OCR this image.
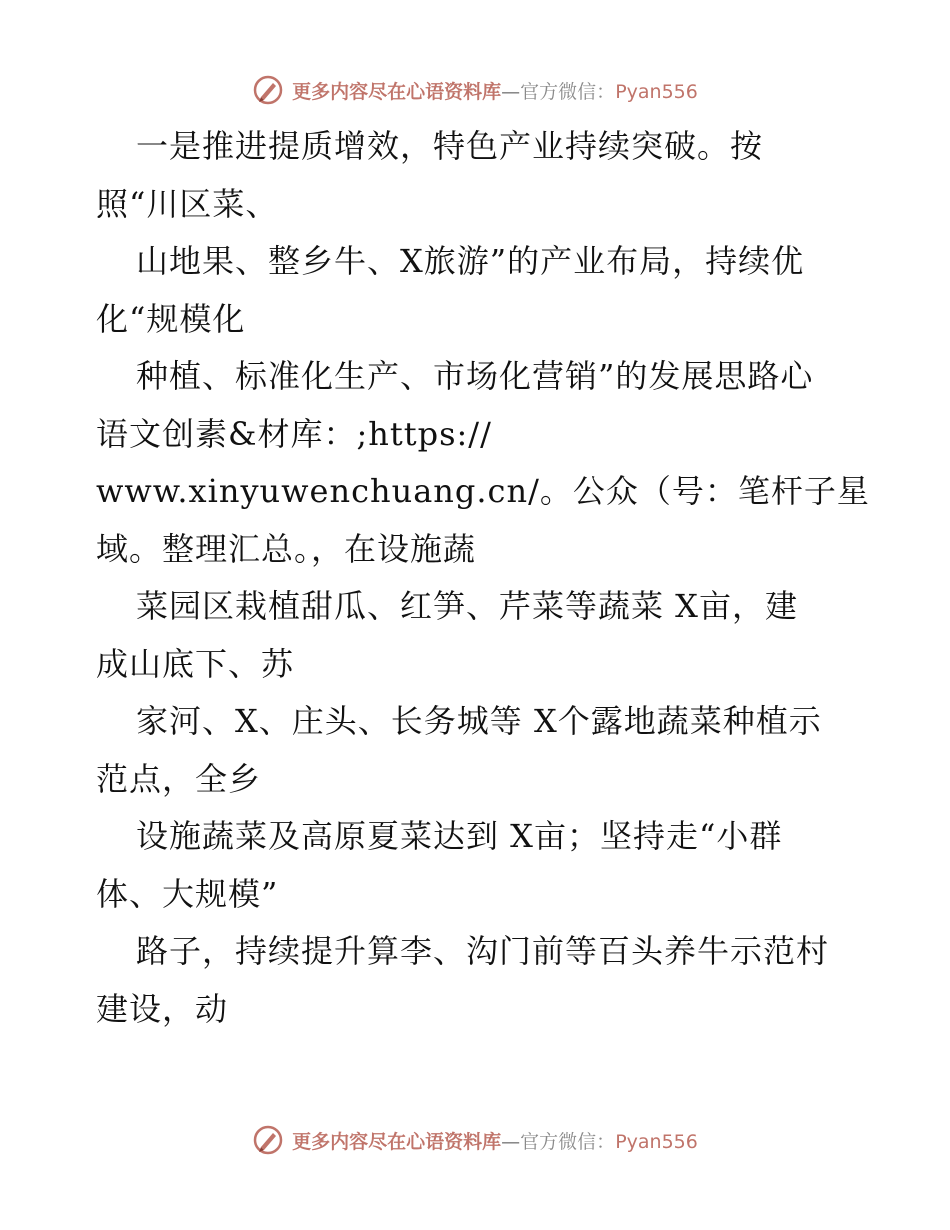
更多内容尽在心语资料库—官方微信：Pyan556
一是推进提质增效，特色产业持续突破。按
照“川区菜、
山地果、整乡牛、X旅游”的产业布局，持续优
化“规模化
种植、标准化生产、市场化营销”的发展思路心
语文创素&材库：;https://
www.xinyuwenchuang.cn/。公众（号：笔杆子星
域。整理汇总。，在设施蔬
菜园区栽植甜瓜、红笋、芹菜等蔬菜 X亩，建
成山底下、苏
家河、X、庄头、长务城等 X个露地蔬菜种植示
范点，全乡
设施蔬菜及高原夏菜达到 X亩；坚持走“小群
体、大规模”
路子，持续提升算李、沟门前等百头养牛示范村
建设，动
更多内容尽在心语资料库—官方微信：Pyan556
